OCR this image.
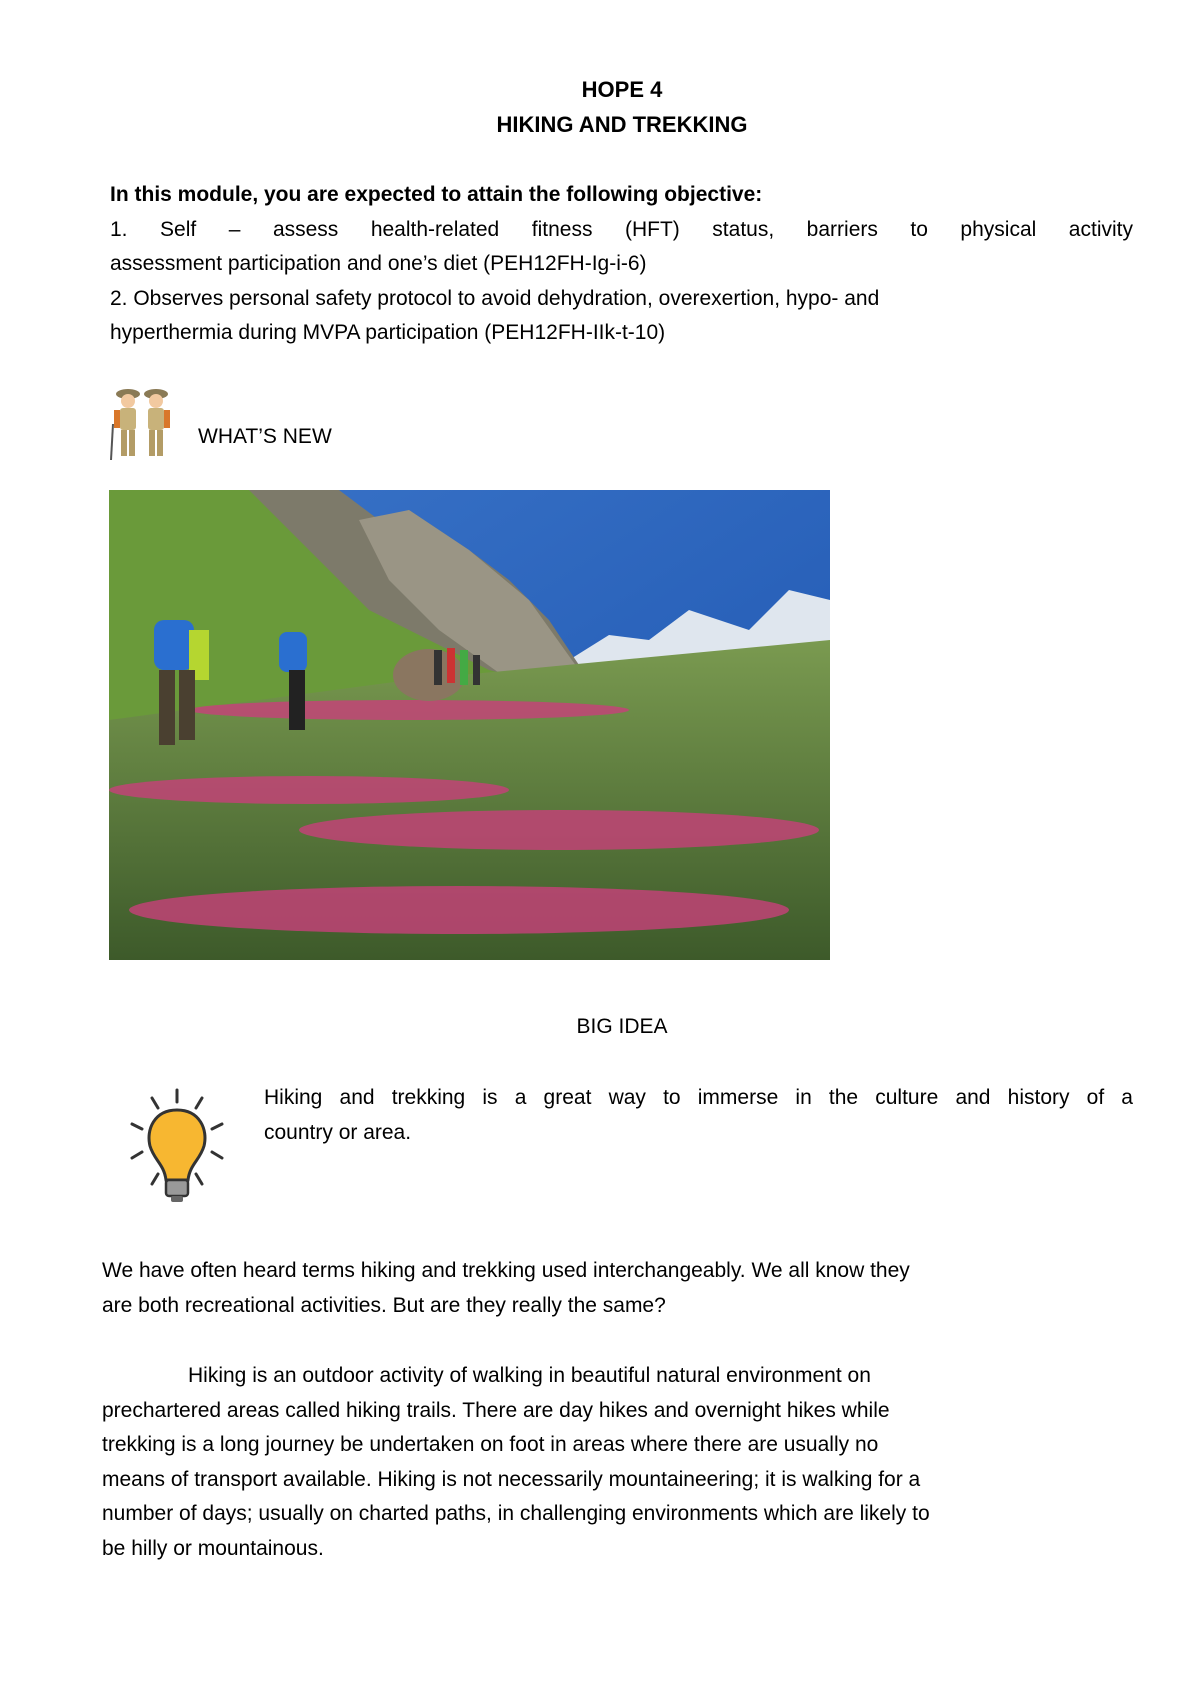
HOPE 4
HIKING AND TREKKING
In this module, you are expected to attain the following objective:
1. Self – assess health-related fitness (HFT) status, barriers to physical activity
assessment participation and one’s diet (PEH12FH-Ig-i-6)
2. Observes personal safety protocol to avoid dehydration, overexertion, hypo- and
hyperthermia during MVPA participation (PEH12FH-IIk-t-10)
WHAT’S NEW
BIG IDEA
Hiking and trekking is a great way to immerse in the culture and history of a
country or area.
We have often heard terms hiking and trekking used interchangeably. We all know they
are both recreational activities. But are they really the same?
Hiking is an outdoor activity of walking in beautiful natural environment on
prechartered areas called hiking trails. There are day hikes and overnight hikes while
trekking is a long journey be undertaken on foot in areas where there are usually no
means of transport available. Hiking is not necessarily mountaineering; it is walking for a
number of days; usually on charted paths, in challenging environments which are likely to
be hilly or mountainous.
